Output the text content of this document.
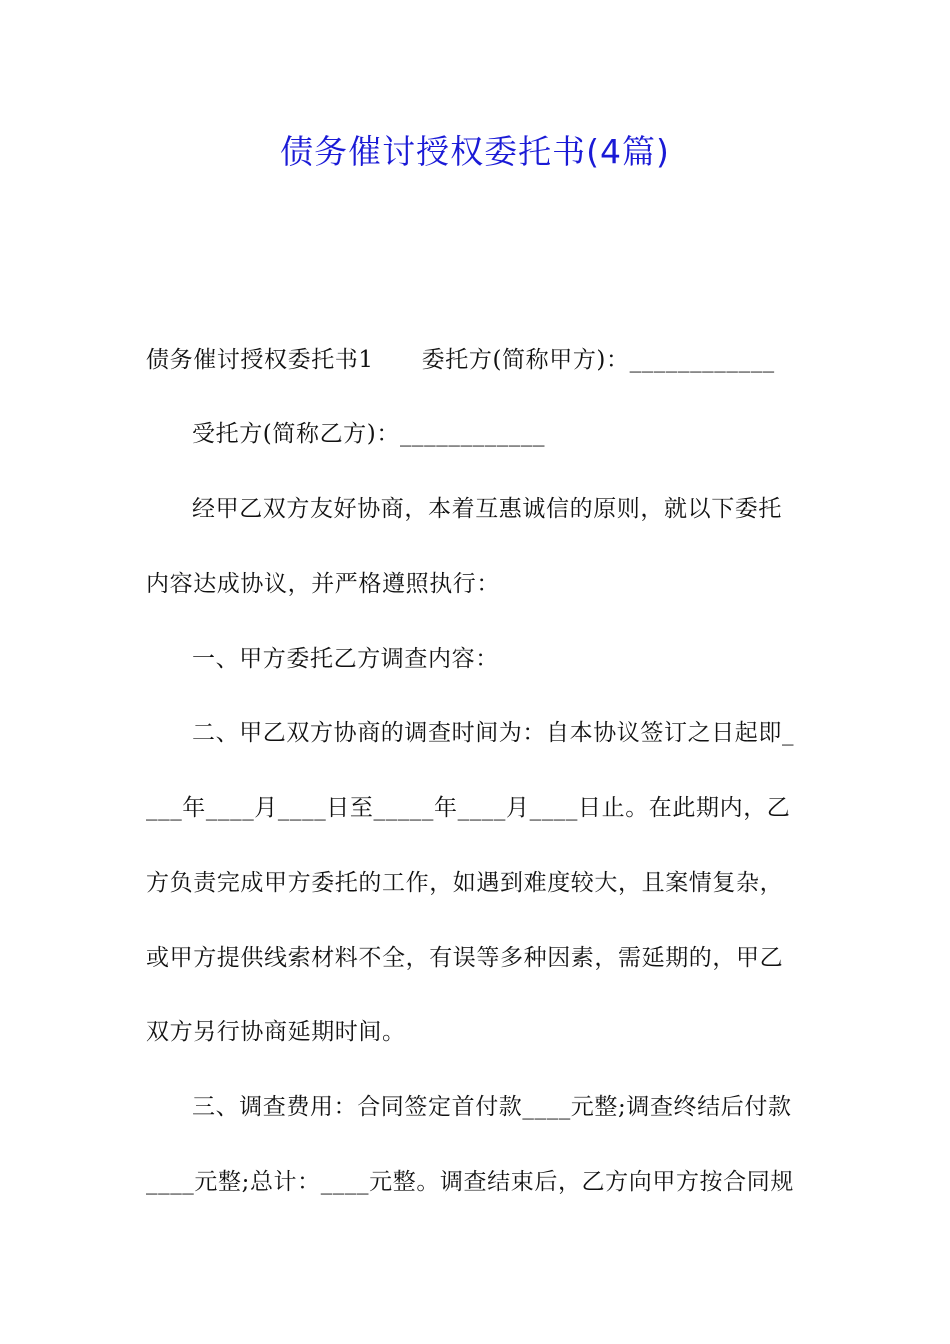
债务催讨授权委托书(4篇)
债务催讨授权委托书1 委托方(简称甲方)：____________
受托方(简称乙方)：____________
经甲乙双方友好协商，本着互惠诚信的原则，就以下委托
内容达成协议，并严格遵照执行：
一、甲方委托乙方调查内容：
二、甲乙双方协商的调查时间为：自本协议签订之日起即_
___年____月____日至_____年____月____日止。在此期内，乙
方负责完成甲方委托的工作，如遇到难度较大，且案情复杂，
或甲方提供线索材料不全，有误等多种因素，需延期的，甲乙
双方另行协商延期时间。
三、调查费用：合同签定首付款____元整;调查终结后付款
____元整;总计：____元整。调查结束后，乙方向甲方按合同规
